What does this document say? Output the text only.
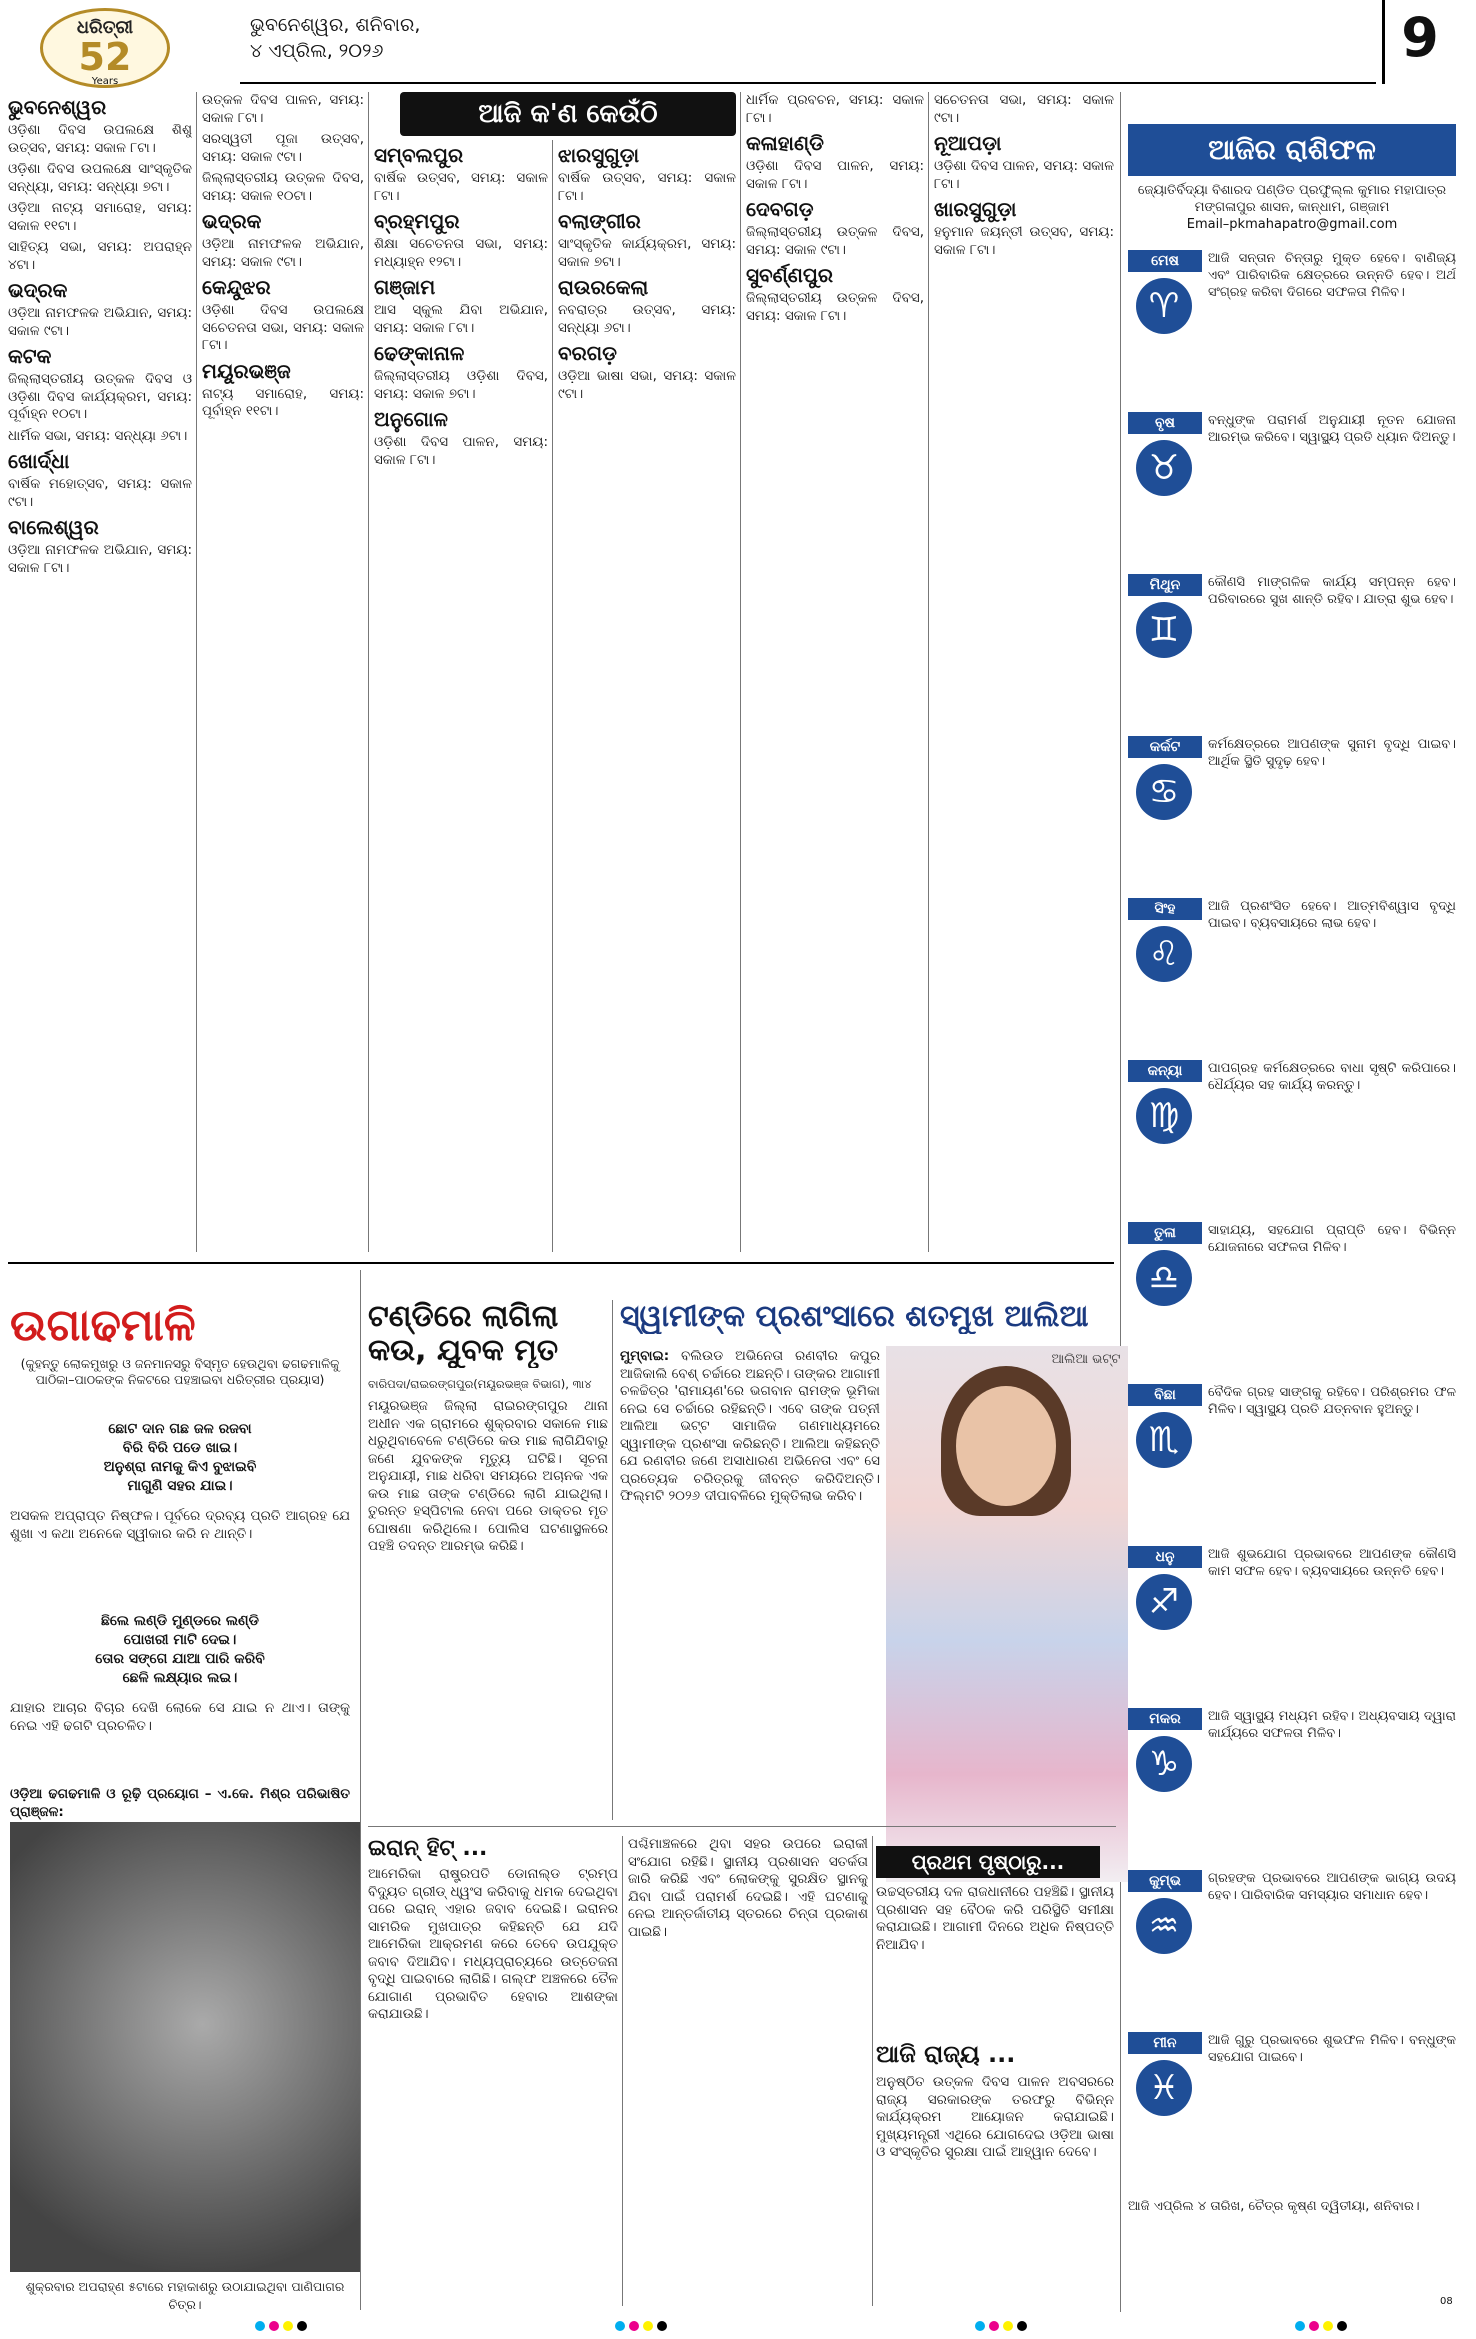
ଧରିତ୍ରୀ
52
Years
ଭୁବନେଶ୍ୱର, ଶନିବାର,
୪ ଏପ୍ରିଲ, ୨୦୨୬	9
ଆଜି କ'ଣ କେଉଁଠି
ଭୁବନେଶ୍ୱର

ଓଡ଼ିଶା ଦିବସ ଉପଲକ୍ଷେ ଶିଶୁ ଉତ୍ସବ, ସମୟ: ସକାଳ ୮ଟା।

ଓଡ଼ିଶା ଦିବସ ଉପଲକ୍ଷେ ସାଂସ୍କୃତିକ ସନ୍ଧ୍ୟା, ସମୟ: ସନ୍ଧ୍ୟା ୭ଟା।

ଓଡ଼ିଆ ନାଟ୍ୟ ସମାରୋହ, ସମୟ: ସକାଳ ୧୧ଟା।

ସାହିତ୍ୟ ସଭା, ସମୟ: ଅପରାହ୍ନ ୪ଟା।

ଭଦ୍ରକ

ଓଡ଼ିଆ ନାମଫଳକ ଅଭିଯାନ, ସମୟ: ସକାଳ ୯ଟା।

କଟକ

ଜିଲ୍ଲାସ୍ତରୀୟ ଉତ୍କଳ ଦିବସ ଓ ଓଡ଼ିଶା ଦିବସ କାର୍ଯ୍ୟକ୍ରମ, ସମୟ: ପୂର୍ବାହ୍ନ ୧୦ଟା।

ଧାର୍ମିକ ସଭା, ସମୟ: ସନ୍ଧ୍ୟା ୬ଟା।

ଖୋର୍ଦ୍ଧା

ବାର୍ଷିକ ମହୋତ୍ସବ, ସମୟ: ସକାଳ ୯ଟା।

ବାଲେଶ୍ୱର

ଓଡ଼ିଆ ନାମଫଳକ ଅଭିଯାନ, ସମୟ: ସକାଳ ୮ଟା।

ଉତ୍କଳ ଦିବସ ପାଳନ, ସମୟ: ସକାଳ ୮ଟା।

ସରସ୍ୱତୀ ପୂଜା ଉତ୍ସବ, ସମୟ: ସକାଳ ୯ଟା।

ଜିଲ୍ଲାସ୍ତରୀୟ ଉତ୍କଳ ଦିବସ, ସମୟ: ସକାଳ ୧୦ଟା।

ଭଦ୍ରକ

ଓଡ଼ିଆ ନାମଫଳକ ଅଭିଯାନ, ସମୟ: ସକାଳ ୯ଟା।

କେନ୍ଦୁଝର

ଓଡ଼ିଶା ଦିବସ ଉପଲକ୍ଷେ ସଚେତନତା ସଭା, ସମୟ: ସକାଳ ୮ଟା।

ମୟୂରଭଞ୍ଜ

ନାଟ୍ୟ ସମାରୋହ, ସମୟ: ପୂର୍ବାହ୍ନ ୧୧ଟା।

ସମ୍ବଲପୁର

ବାର୍ଷିକ ଉତ୍ସବ, ସମୟ: ସକାଳ ୮ଟା।

ବ୍ରହ୍ମପୁର

ଶିକ୍ଷା ସଚେତନତା ସଭା, ସମୟ: ମଧ୍ୟାହ୍ନ ୧୨ଟା।

ଗଞ୍ଜାମ

ଆସ ସ୍କୁଲ ଯିବା ଅଭିଯାନ, ସମୟ: ସକାଳ ୮ଟା।

ଢେଙ୍କାନାଳ

ଜିଲ୍ଲାସ୍ତରୀୟ ଓଡ଼ିଶା ଦିବସ, ସମୟ: ସକାଳ ୭ଟା।

ଅନୁଗୋଳ

ଓଡ଼ିଶା ଦିବସ ପାଳନ, ସମୟ: ସକାଳ ୮ଟା।

ଝାରସୁଗୁଡ଼ା

ବାର୍ଷିକ ଉତ୍ସବ, ସମୟ: ସକାଳ ୮ଟା।

ବଲାଙ୍ଗୀର

ସାଂସ୍କୃତିକ କାର୍ଯ୍ୟକ୍ରମ, ସମୟ: ସକାଳ ୭ଟା।

ରାଉରକେଲା

ନବରାତ୍ର ଉତ୍ସବ, ସମୟ: ସନ୍ଧ୍ୟା ୬ଟା।

ବରଗଡ଼

ଓଡ଼ିଆ ଭାଷା ସଭା, ସମୟ: ସକାଳ ୯ଟା।

ଧାର୍ମିକ ପ୍ରବଚନ, ସମୟ: ସକାଳ ୮ଟା।

କଳାହାଣ୍ଡି

ଓଡ଼ିଶା ଦିବସ ପାଳନ, ସମୟ: ସକାଳ ୮ଟା।

ଦେବଗଡ଼

ଜିଲ୍ଲାସ୍ତରୀୟ ଉତ୍କଳ ଦିବସ, ସମୟ: ସକାଳ ୯ଟା।

ସୁବର୍ଣ୍ଣପୁର

ଜିଲ୍ଲାସ୍ତରୀୟ ଉତ୍କଳ ଦିବସ, ସମୟ: ସକାଳ ୮ଟା।

ସଚେତନତା ସଭା, ସମୟ: ସକାଳ ୯ଟା।

ନୂଆପଡ଼ା

ଓଡ଼ିଶା ଦିବସ ପାଳନ, ସମୟ: ସକାଳ ୮ଟା।

ଖାରସୁଗୁଡ଼ା

ହନୁମାନ ଜୟନ୍ତୀ ଉତ୍ସବ, ସମୟ: ସକାଳ ୮ଟା।

ଆଜିର ରାଶିଫଳ
ଜ୍ୟୋତିର୍ବିଦ୍ୟା ବିଶାରଦ ପଣ୍ଡିତ ପ୍ରଫୁଲ୍ଲ କୁମାର ମହାପାତ୍ର
ମଙ୍ଗଳାପୁର ଶାସନ, କାନ୍ଧାମ, ଗଞ୍ଜାମ
Email–pkmahapatro@gmail.com
ମେଷ
♈
ଆଜି ସନ୍ତାନ ଚିନ୍ତାରୁ ମୁକ୍ତ ହେବେ। ବାଣିଜ୍ୟ ଏବଂ ପାରିବାରିକ କ୍ଷେତ୍ରରେ ଉନ୍ନତି ହେବ। ଅର୍ଥ ସଂଗ୍ରହ କରିବା ଦିଗରେ ସଫଳତା ମିଳିବ।
ବୃଷ
♉
ବନ୍ଧୁଙ୍କ ପରାମର୍ଶ ଅନୁଯାୟୀ ନୂତନ ଯୋଜନା ଆରମ୍ଭ କରିବେ। ସ୍ୱାସ୍ଥ୍ୟ ପ୍ରତି ଧ୍ୟାନ ଦିଅନ୍ତୁ।
ମିଥୁନ
♊
କୌଣସି ମାଙ୍ଗଳିକ କାର୍ଯ୍ୟ ସମ୍ପନ୍ନ ହେବ। ପରିବାରରେ ସୁଖ ଶାନ୍ତି ରହିବ। ଯାତ୍ରା ଶୁଭ ହେବ।
କର୍କଟ
♋
କର୍ମକ୍ଷେତ୍ରରେ ଆପଣଙ୍କ ସୁନାମ ବୃଦ୍ଧି ପାଇବ। ଆର୍ଥିକ ସ୍ଥିତି ସୁଦୃଢ଼ ହେବ।
ସିଂହ
♌
ଆଜି ପ୍ରଶଂସିତ ହେବେ। ଆତ୍ମବିଶ୍ୱାସ ବୃଦ୍ଧି ପାଇବ। ବ୍ୟବସାୟରେ ଲାଭ ହେବ।
କନ୍ୟା
♍
ପାପଗ୍ରହ କର୍ମକ୍ଷେତ୍ରରେ ବାଧା ସୃଷ୍ଟି କରିପାରେ। ଧୈର୍ଯ୍ୟର ସହ କାର୍ଯ୍ୟ କରନ୍ତୁ।
ତୁଳା
♎
ସାହାଯ୍ୟ, ସହଯୋଗ ପ୍ରାପ୍ତି ହେବ। ବିଭିନ୍ନ ଯୋଜନାରେ ସଫଳତା ମିଳିବ।
ବିଛା
♏
ବୈଦିକ ଗ୍ରହ ସାଙ୍ଗକୁ ରହିବେ। ପରିଶ୍ରମର ଫଳ ମିଳିବ। ସ୍ୱାସ୍ଥ୍ୟ ପ୍ରତି ଯତ୍ନବାନ ହୁଅନ୍ତୁ।
ଧନୁ
♐
ଆଜି ଶୁଭଯୋଗ ପ୍ରଭାବରେ ଆପଣଙ୍କ କୌଣସି କାମ ସଫଳ ହେବ। ବ୍ୟବସାୟରେ ଉନ୍ନତି ହେବ।
ମକର
♑
ଆଜି ସ୍ୱାସ୍ଥ୍ୟ ମଧ୍ୟମ ରହିବ। ଅଧ୍ୟବସାୟ ଦ୍ୱାରା କାର୍ଯ୍ୟରେ ସଫଳତା ମିଳିବ।
କୁମ୍ଭ
♒
ଗ୍ରହଙ୍କ ପ୍ରଭାବରେ ଆପଣଙ୍କ ଭାଗ୍ୟ ଉଦୟ ହେବ। ପାରିବାରିକ ସମସ୍ୟାର ସମାଧାନ ହେବ।
ମୀନ
♓
ଆଜି ଗୁରୁ ପ୍ରଭାବରେ ଶୁଭଫଳ ମିଳିବ। ବନ୍ଧୁଙ୍କ ସହଯୋଗ ପାଇବେ।
ଆଜି ଏପ୍ରିଲ ୪ ତାରିଖ, ଚୈତ୍ର କୃଷ୍ଣ ଦ୍ୱିତୀୟା, ଶନିବାର।
ଉଗାଢମାଳି
(କୁହନ୍ତୁ ଲୋକମୁଖରୁ ଓ ଜନମାନସରୁ ବିସ୍ମୃତ ହେଉଥିବା ଢଗଢମାଳିକୁ ପାଠିକା–ପାଠକଙ୍କ ନିକଟରେ ପହଞ୍ଚାଇବା ଧରିତ୍ରୀର ପ୍ରୟାସ)
ଛୋଟ ଦାନ ଗଛ ଜଳ ରଜବା
ବିରି ବିରି ପଡେ ଖାଇ।
ଅନୁଶ୍ରା ନାମକୁ କିଏ ବୁଝାଇବି
ମାଗୁଣି ସହର ଯାଇ।
ଅସକଳ ଅପ୍ରାପ୍ତ ନିଷ୍ଫଳ। ପୂର୍ବରେ ଦ୍ରବ୍ୟ ପ୍ରତି ଆଗ୍ରହ ଯେ ଶୁଖା ଏ କଥା ଅନେକେ ସ୍ୱୀକାର କରି ନ ଥାନ୍ତି।
ଛିଲେ ଲଣ୍ଡି ମୁଣ୍ଡରେ ଲଣ୍ଡି
ପୋଖରୀ ମାଟି ଦେଇ।
ତୋର ସଙ୍ଗେ ଯାଆ ପାରି କରିବି
ଛେଳି ଲକ୍ଷ୍ୟାର ଲଇ।
ଯାହାର ଆଚାର ବିଚାର ଦେଖି ଲୋକେ ସେ ଯାଇ ନ ଥାଏ। ତାଙ୍କୁ ନେଇ ଏହି ଢଗଟି ପ୍ରଚଳିତ।
ଓଡ଼ିଆ ଢଗଢମାଳି ଓ ରୂଢ଼ି ପ୍ରୟୋଗ – ଏ.କେ. ମିଶ୍ର ପରିଭାଷିତ ପ୍ରାଞ୍ଜଳ:
ଶୁକ୍ରବାର ଅପରାହ୍ଣ ୫ଟାରେ ମହାକାଶରୁ ଉଠାଯାଇଥିବା ପାଣିପାଗର ଚିତ୍ର।
ଟଣ୍ଡିରେ ଲାଗିଲା କଉ, ଯୁବକ ମୃତ
ବାରିପଦା/ରାଇରଙ୍ଗପୁର(ମୟୂରଭଞ୍ଜ ବିଭାଗ), ୩ା୪
ମୟୂରଭଞ୍ଜ ଜିଲ୍ଲା ରାଇରଙ୍ଗପୁର ଥାନା ଅଧୀନ ଏକ ଗ୍ରାମରେ ଶୁକ୍ରବାର ସକାଳେ ମାଛ ଧରୁଥିବାବେଳେ ଟଣ୍ଡିରେ କଉ ମାଛ ଲାଗିଯିବାରୁ ଜଣେ ଯୁବକଙ୍କ ମୃତ୍ୟୁ ଘଟିଛି। ସୂଚନା ଅନୁଯାୟୀ, ମାଛ ଧରିବା ସମୟରେ ଅଚାନକ ଏକ କଉ ମାଛ ତାଙ୍କ ଟଣ୍ଡିରେ ଲାଗି ଯାଇଥିଲା। ତୁରନ୍ତ ହସ୍ପିଟାଲ ନେବା ପରେ ଡାକ୍ତର ମୃତ ଘୋଷଣା କରିଥିଲେ। ପୋଲିସ ଘଟଣାସ୍ଥଳରେ ପହଞ୍ଚି ତଦନ୍ତ ଆରମ୍ଭ କରିଛି।
ସ୍ୱାମୀଙ୍କ ପ୍ରଶଂସାରେ ଶତମୁଖ ଆଲିଆ
ମୁମ୍ବାଇ: ବଲିଉଡ ଅଭିନେତା ରଣବୀର କପୁର ଆଜିକାଲି ବେଶ୍ ଚର୍ଚ୍ଚାରେ ଅଛନ୍ତି। ତାଙ୍କର ଆଗାମୀ ଚଳଚ୍ଚିତ୍ର 'ରାମାୟଣ'ରେ ଭଗବାନ ରାମଙ୍କ ଭୂମିକା ନେଇ ସେ ଚର୍ଚ୍ଚାରେ ରହିଛନ୍ତି। ଏବେ ତାଙ୍କ ପତ୍ନୀ ଆଲିଆ ଭଟ୍ଟ ସାମାଜିକ ଗଣମାଧ୍ୟମରେ ସ୍ୱାମୀଙ୍କ ପ୍ରଶଂସା କରିଛନ୍ତି। ଆଲିଆ କହିଛନ୍ତି ଯେ ରଣବୀର ଜଣେ ଅସାଧାରଣ ଅଭିନେତା ଏବଂ ସେ ପ୍ରତ୍ୟେକ ଚରିତ୍ରକୁ ଜୀବନ୍ତ କରିଦିଅନ୍ତି। ଫିଲ୍ମଟି ୨୦୨୬ ଦୀପାବଳିରେ ମୁକ୍ତିଲାଭ କରିବ।
ଆଲିଆ ଭଟ୍ଟ
ଇରାନ୍ ହିଟ୍ ...
ଆମେରିକା ରାଷ୍ଟ୍ରପତି ଡୋନାଲ୍ଡ ଟ୍ରମ୍ପ ବିଦ୍ୟୁତ ଗ୍ରୀଡ୍ ଧ୍ୱଂସ କରିବାକୁ ଧମକ ଦେଇଥିବା ପରେ ଇରାନ୍ ଏହାର ଜବାବ ଦେଇଛି। ଇରାନର ସାମରିକ ମୁଖପାତ୍ର କହିଛନ୍ତି ଯେ ଯଦି ଆମେରିକା ଆକ୍ରମଣ କରେ ତେବେ ଉପଯୁକ୍ତ ଜବାବ ଦିଆଯିବ। ମଧ୍ୟପ୍ରାଚ୍ୟରେ ଉତ୍ତେଜନା ବୃଦ୍ଧି ପାଇବାରେ ଲାଗିଛି। ଗଲ୍ଫ ଅଞ୍ଚଳରେ ତୈଳ ଯୋଗାଣ ପ୍ରଭାବିତ ହେବାର ଆଶଙ୍କା କରାଯାଉଛି।
ପଶ୍ଚିମାଞ୍ଚଳରେ ଥିବା ସହର ଉପରେ ଇରାକୀ ସଂଯୋଗ ରହିଛି। ସ୍ଥାନୀୟ ପ୍ରଶାସନ ସତର୍କତା ଜାରି କରିଛି ଏବଂ ଲୋକଙ୍କୁ ସୁରକ୍ଷିତ ସ୍ଥାନକୁ ଯିବା ପାଇଁ ପରାମର୍ଶ ଦେଇଛି। ଏହି ଘଟଣାକୁ ନେଇ ଆନ୍ତର୍ଜାତୀୟ ସ୍ତରରେ ଚିନ୍ତା ପ୍ରକାଶ ପାଇଛି।
ପ୍ରଥମ ପୃଷ୍ଠାରୁ...
ଉଚ୍ଚସ୍ତରୀୟ ଦଳ ରାଜଧାନୀରେ ପହଞ୍ଚିଛି। ସ୍ଥାନୀୟ ପ୍ରଶାସନ ସହ ବୈଠକ କରି ପରିସ୍ଥିତି ସମୀକ୍ଷା କରାଯାଇଛି। ଆଗାମୀ ଦିନରେ ଅଧିକ ନିଷ୍ପତ୍ତି ନିଆଯିବ।
ଆଜି ରାଜ୍ୟ ...
ଅନୁଷ୍ଠିତ ଉତ୍କଳ ଦିବସ ପାଳନ ଅବସରରେ ରାଜ୍ୟ ସରକାରଙ୍କ ତରଫରୁ ବିଭିନ୍ନ କାର୍ଯ୍ୟକ୍ରମ ଆୟୋଜନ କରାଯାଇଛି। ମୁଖ୍ୟମନ୍ତ୍ରୀ ଏଥିରେ ଯୋଗଦେଇ ଓଡ଼ିଆ ଭାଷା ଓ ସଂସ୍କୃତିର ସୁରକ୍ଷା ପାଇଁ ଆହ୍ୱାନ ଦେବେ।
08
